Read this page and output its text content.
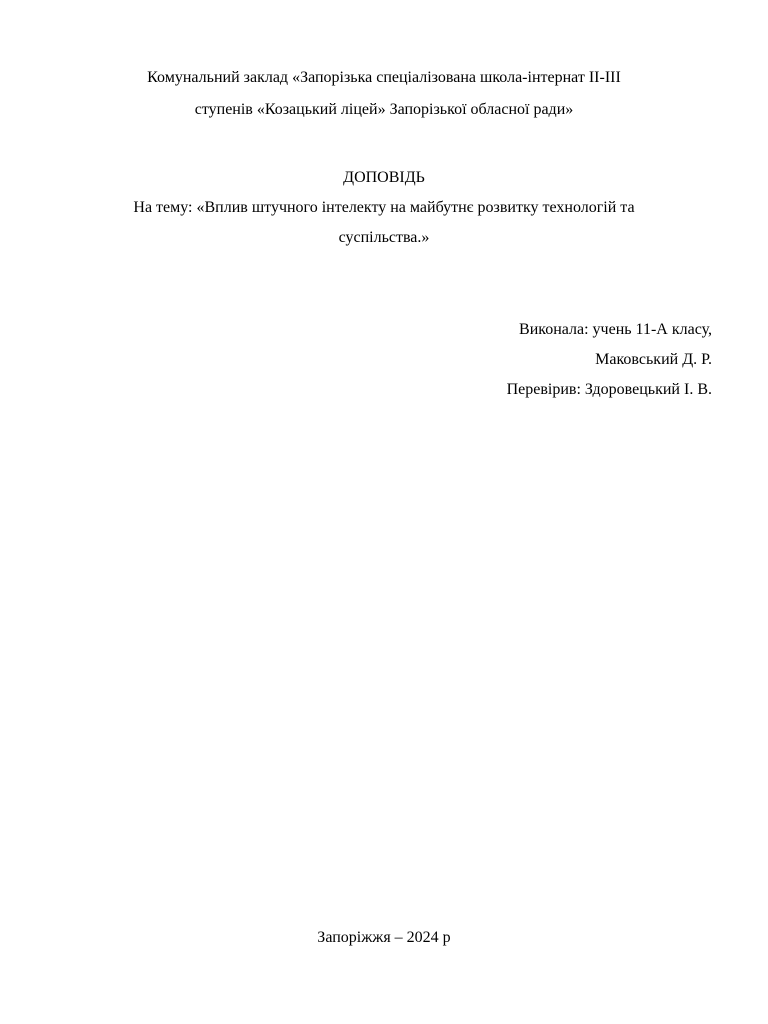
Комунальний заклад «Запорізька спеціалізована школа-інтернат ІІ-ІІІ
ступенів «Козацький ліцей» Запорізької обласної ради»
ДОПОВІДЬ
На тему: «Вплив штучного інтелекту на майбутнє розвитку технологій та
суспільства.»
Виконала: учень 11-А класу,
Маковський Д. Р.
Перевірив: Здоровецький І. В.
Запоріжжя – 2024 р
